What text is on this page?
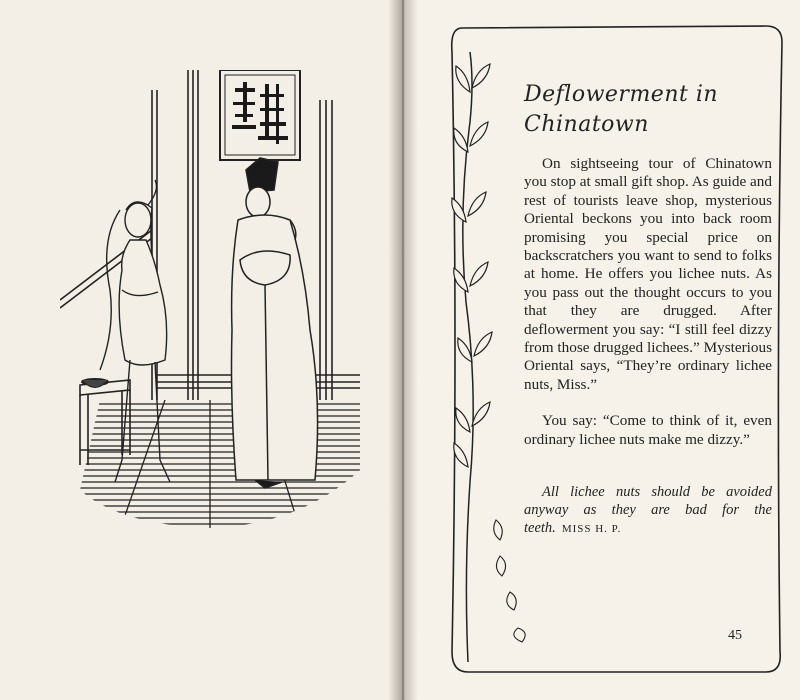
Deflowerment in
Chinatown

On sightseeing tour of Chinatown you stop at small gift shop. As guide and rest of tourists leave shop, mysterious Oriental beckons you into back room promising you special price on backscratchers you want to send to folks at home. He offers you lichee nuts. As you pass out the thought occurs to you that they are drugged. After deflowerment you say: “I still feel dizzy from those drugged lichees.” Mysterious Oriental says, “They’re ordinary lichee nuts, Miss.”

You say: “Come to think of it, even ordinary lichee nuts make me dizzy.”

All lichee nuts should be avoided anyway as they are bad for the teeth. MISS H. P.

45
